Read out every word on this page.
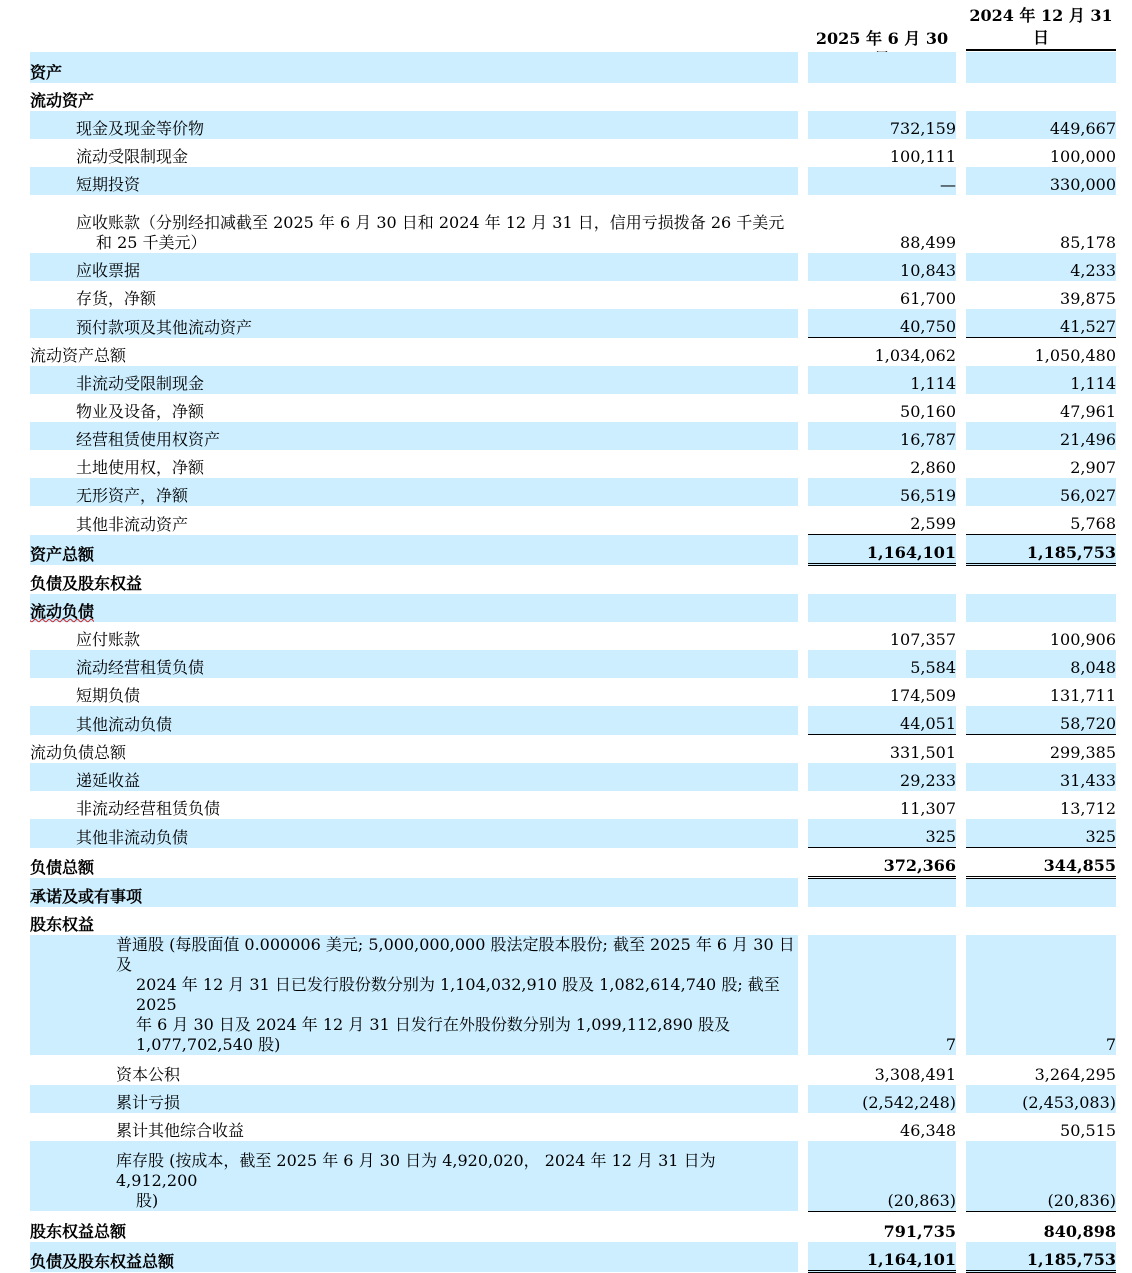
2025 年 6 月 30
2024 年 12 月 31
日
资产				
流动资产				
现金及现金等价物		732,159		449,667
流动受限制现金		100,111		100,000
短期投资		—		330,000

应收账款（分别经扣减截至 2025 年 6 月 30 日和 2024 年 12 月 31 日，信用亏损拨备 26 千美元
和 25 千美元）		88,499		85,178
应收票据		10,843		4,233
存货，净额		61,700		39,875
预付款项及其他流动资产		40,750		41,527
流动资产总额		1,034,062		1,050,480
非流动受限制现金		1,114		1,114
物业及设备，净额		50,160		47,961
经营租赁使用权资产		16,787		21,496
土地使用权，净额		2,860		2,907
无形资产，净额		56,519		56,027
其他非流动资产		2,599		5,768
资产总额		1,164,101		1,185,753
负债及股东权益				
流动负债				
应付账款		107,357		100,906
流动经营租赁负债		5,584		8,048
短期负债		174,509		131,711
其他流动负债		44,051		58,720
流动负债总额		331,501		299,385
递延收益		29,233		31,433
非流动经营租赁负债		11,307		13,712
其他非流动负债		325		325
负债总额		372,366		344,855
承诺及或有事项				
股东权益				

普通股 (每股面值 0.000006 美元; 5,000,000,000 股法定股本股份; 截至 2025 年 6 月 30 日及
2024 年 12 月 31 日已发行股份数分别为 1,104,032,910 股及 1,082,614,740 股; 截至 2025
年 6 月 30 日及 2024 年 12 月 31 日发行在外股份数分别为 1,099,112,890 股及
1,077,702,540 股)		7		7
资本公积		3,308,491		3,264,295
累计亏损		(2,542,248)		(2,453,083)
累计其他综合收益		46,348		50,515

库存股 (按成本，截至 2025 年 6 月 30 日为 4,920,020， 2024 年 12 月 31 日为 4,912,200
股)		(20,863)		(20,836)
股东权益总额		791,735		840,898
负债及股东权益总额		1,164,101		1,185,753
